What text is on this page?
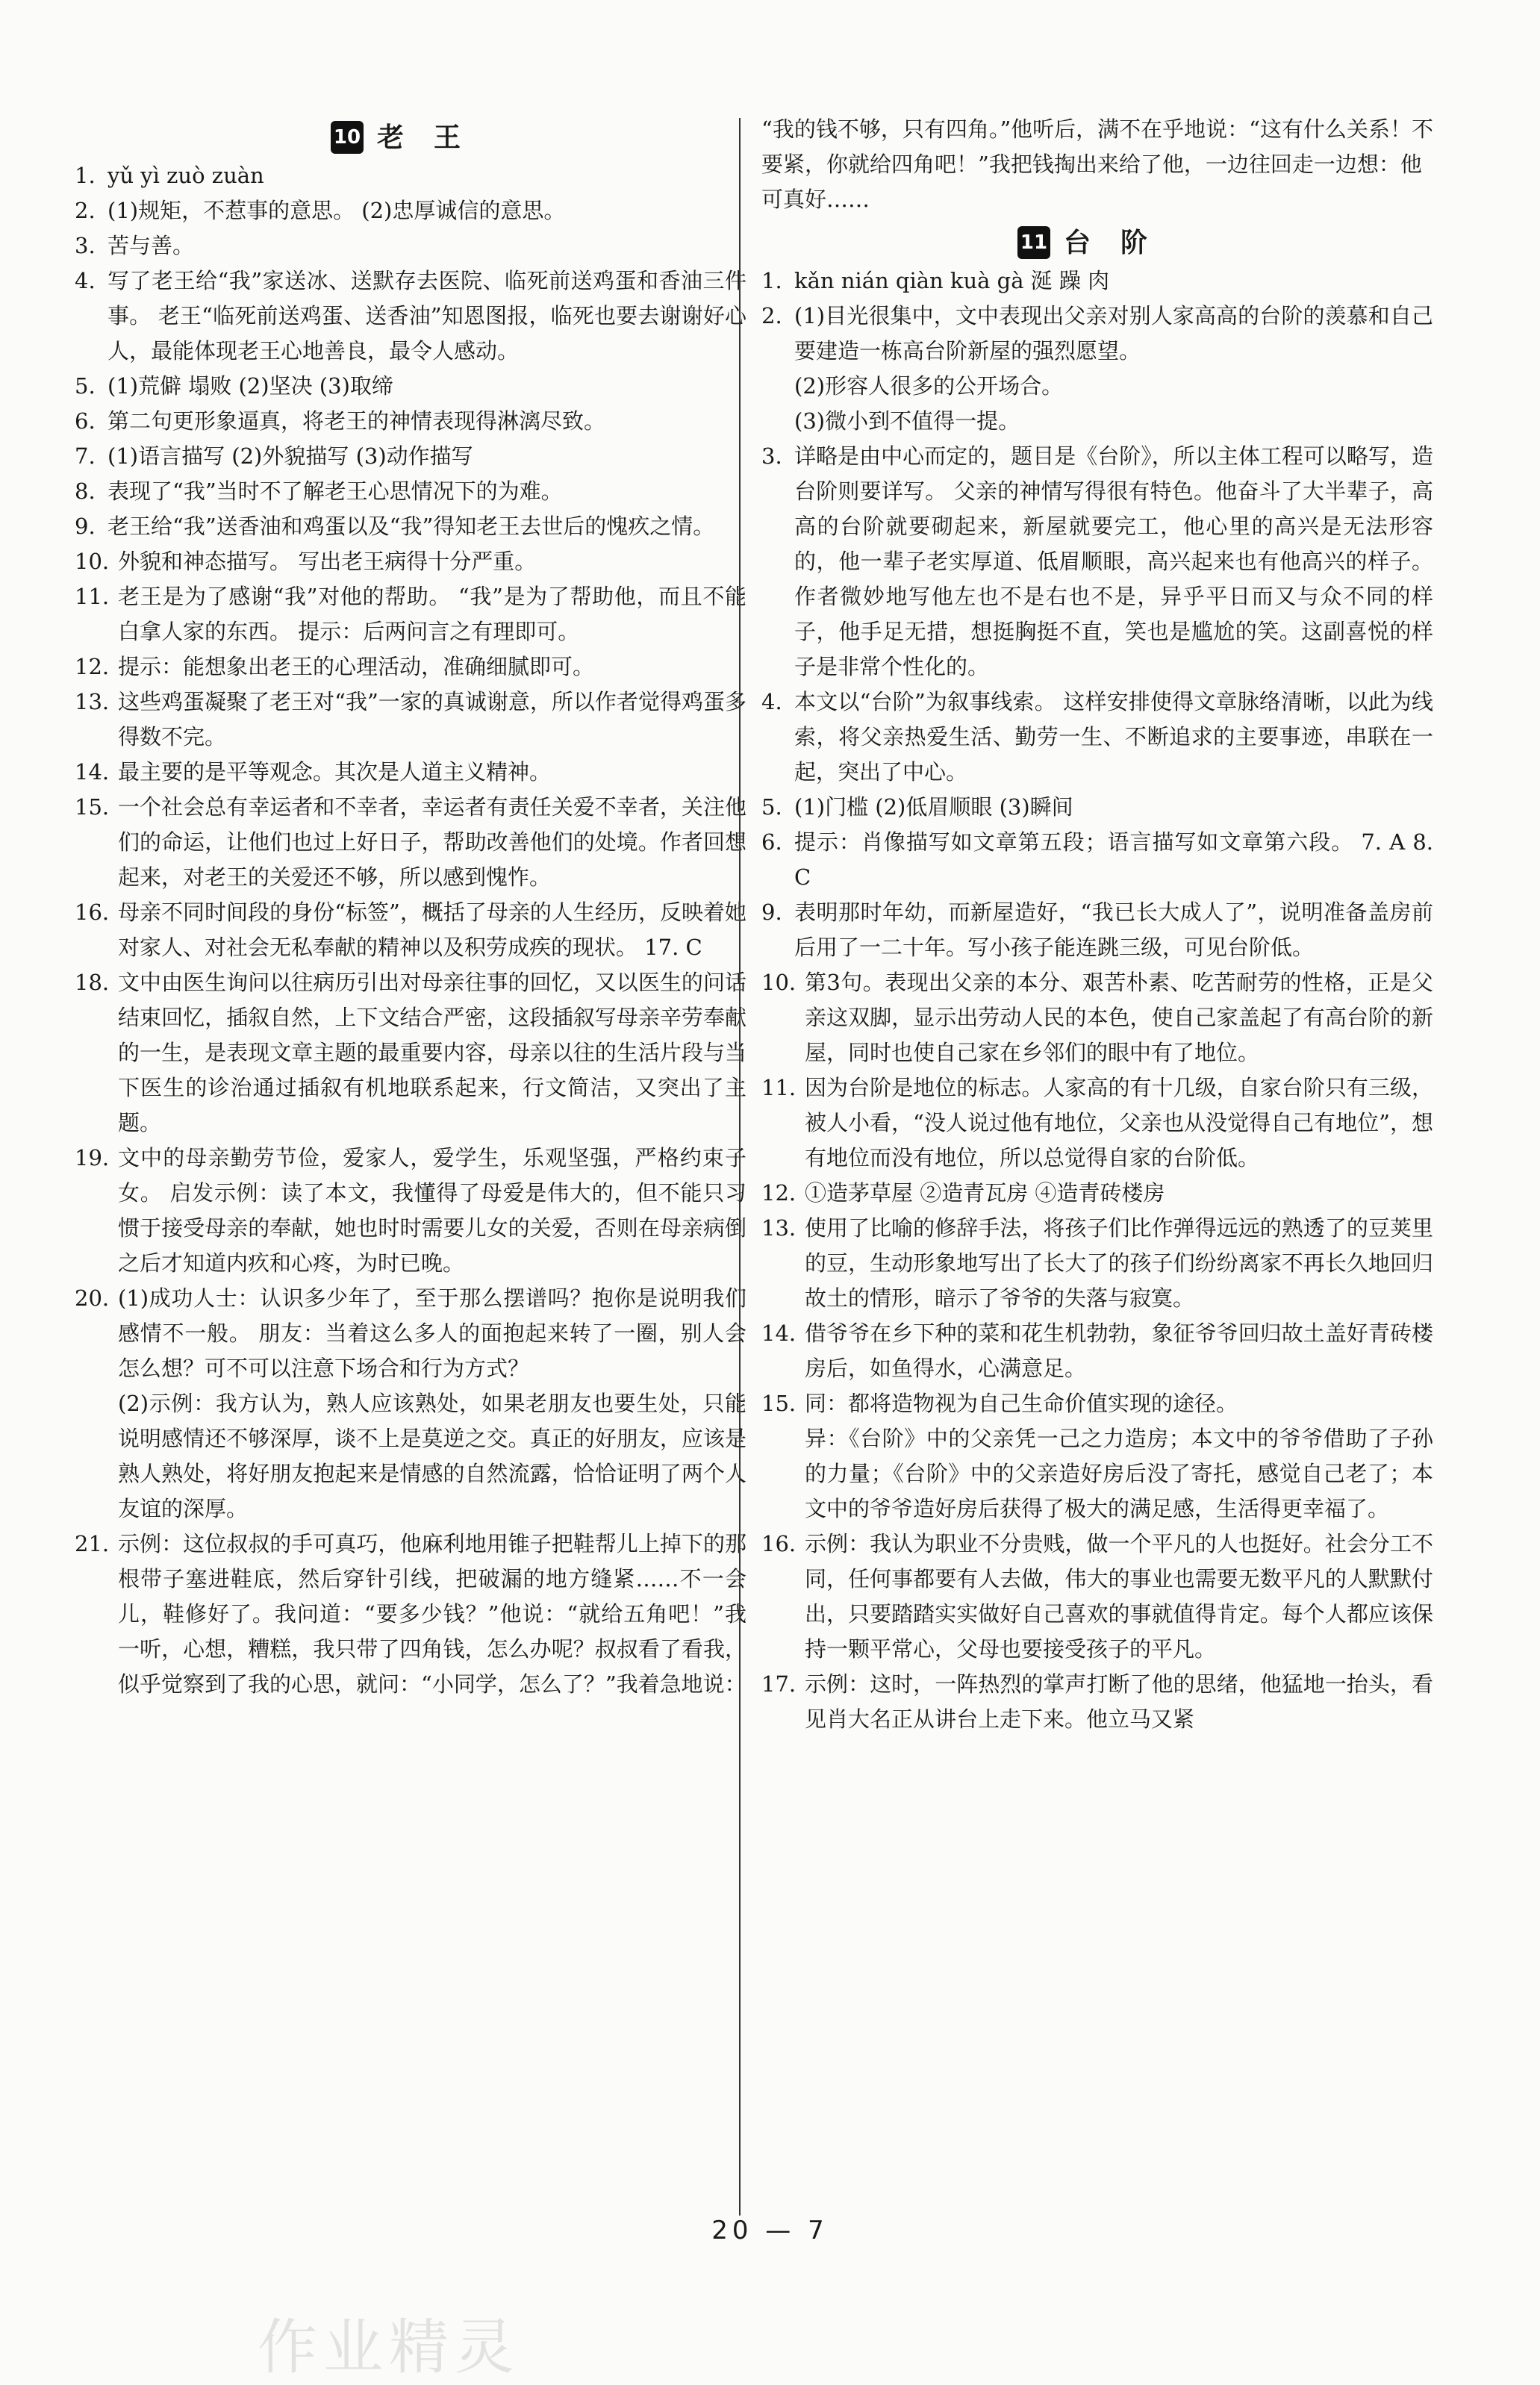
10 老王
1. yǔ yì zuò zuàn
2. (1)规矩，不惹事的意思。 (2)忠厚诚信的意思。
3. 苦与善。
4. 写了老王给“我”家送冰、送默存去医院、临死前送鸡蛋和香油三件事。 老王“临死前送鸡蛋、送香油”知恩图报，临死也要去谢谢好心人，最能体现老王心地善良，最令人感动。
5. (1)荒僻 塌败 (2)坚决 (3)取缔
6. 第二句更形象逼真，将老王的神情表现得淋漓尽致。
7. (1)语言描写 (2)外貌描写 (3)动作描写
8. 表现了“我”当时不了解老王心思情况下的为难。
9. 老王给“我”送香油和鸡蛋以及“我”得知老王去世后的愧疚之情。
10. 外貌和神态描写。 写出老王病得十分严重。
11. 老王是为了感谢“我”对他的帮助。 “我”是为了帮助他，而且不能白拿人家的东西。 提示：后两问言之有理即可。
12. 提示：能想象出老王的心理活动，准确细腻即可。
13. 这些鸡蛋凝聚了老王对“我”一家的真诚谢意，所以作者觉得鸡蛋多得数不完。
14. 最主要的是平等观念。其次是人道主义精神。
15. 一个社会总有幸运者和不幸者，幸运者有责任关爱不幸者，关注他们的命运，让他们也过上好日子，帮助改善他们的处境。作者回想起来，对老王的关爱还不够，所以感到愧怍。
16. 母亲不同时间段的身份“标签”，概括了母亲的人生经历，反映着她对家人、对社会无私奉献的精神以及积劳成疾的现状。 17. C
18. 文中由医生询问以往病历引出对母亲往事的回忆，又以医生的问话结束回忆，插叙自然，上下文结合严密，这段插叙写母亲辛劳奉献的一生，是表现文章主题的最重要内容，母亲以往的生活片段与当下医生的诊治通过插叙有机地联系起来，行文简洁，又突出了主题。
19. 文中的母亲勤劳节俭，爱家人，爱学生，乐观坚强，严格约束子女。 启发示例：读了本文，我懂得了母爱是伟大的，但不能只习惯于接受母亲的奉献，她也时时需要儿女的关爱，否则在母亲病倒之后才知道内疚和心疼，为时已晚。
20. (1)成功人士：认识多少年了，至于那么摆谱吗？抱你是说明我们感情不一般。 朋友：当着这么多人的面抱起来转了一圈，别人会怎么想？可不可以注意下场合和行为方式？
(2)示例：我方认为，熟人应该熟处，如果老朋友也要生处，只能说明感情还不够深厚，谈不上是莫逆之交。真正的好朋友，应该是熟人熟处，将好朋友抱起来是情感的自然流露，恰恰证明了两个人友谊的深厚。
21. 示例：这位叔叔的手可真巧，他麻利地用锥子把鞋帮儿上掉下的那根带子塞进鞋底，然后穿针引线，把破漏的地方缝紧……不一会儿，鞋修好了。我问道：“要多少钱？”他说：“就给五角吧！”我一听，心想，糟糕，我只带了四角钱，怎么办呢？叔叔看了看我，似乎觉察到了我的心思，就问：“小同学，怎么了？”我着急地说：
“我的钱不够，只有四角。”他听后，满不在乎地说：“这有什么关系！不要紧，你就给四角吧！”我把钱掏出来给了他，一边往回走一边想：他可真好……
11 台阶
1. kǎn nián qiàn kuà gà 涎 躁 肉
2. (1)目光很集中，文中表现出父亲对别人家高高的台阶的羡慕和自己要建造一栋高台阶新屋的强烈愿望。
(2)形容人很多的公开场合。
(3)微小到不值得一提。
3. 详略是由中心而定的，题目是《台阶》，所以主体工程可以略写，造台阶则要详写。 父亲的神情写得很有特色。他奋斗了大半辈子，高高的台阶就要砌起来，新屋就要完工，他心里的高兴是无法形容的，他一辈子老实厚道、低眉顺眼，高兴起来也有他高兴的样子。作者微妙地写他左也不是右也不是，异乎平日而又与众不同的样子，他手足无措，想挺胸挺不直，笑也是尴尬的笑。这副喜悦的样子是非常个性化的。
4. 本文以“台阶”为叙事线索。 这样安排使得文章脉络清晰，以此为线索，将父亲热爱生活、勤劳一生、不断追求的主要事迹，串联在一起，突出了中心。
5. (1)门槛 (2)低眉顺眼 (3)瞬间
6. 提示：肖像描写如文章第五段；语言描写如文章第六段。 7. A 8. C
9. 表明那时年幼，而新屋造好，“我已长大成人了”，说明准备盖房前后用了一二十年。写小孩子能连跳三级，可见台阶低。
10. 第3句。表现出父亲的本分、艰苦朴素、吃苦耐劳的性格，正是父亲这双脚，显示出劳动人民的本色，使自己家盖起了有高台阶的新屋，同时也使自己家在乡邻们的眼中有了地位。
11. 因为台阶是地位的标志。人家高的有十几级，自家台阶只有三级，被人小看，“没人说过他有地位，父亲也从没觉得自己有地位”，想有地位而没有地位，所以总觉得自家的台阶低。
12. ①造茅草屋 ②造青瓦房 ④造青砖楼房
13. 使用了比喻的修辞手法，将孩子们比作弹得远远的熟透了的豆荚里的豆，生动形象地写出了长大了的孩子们纷纷离家不再长久地回归故土的情形，暗示了爷爷的失落与寂寞。
14. 借爷爷在乡下种的菜和花生机勃勃，象征爷爷回归故土盖好青砖楼房后，如鱼得水，心满意足。
15. 同：都将造物视为自己生命价值实现的途径。
异：《台阶》中的父亲凭一己之力造房；本文中的爷爷借助了子孙的力量；《台阶》中的父亲造好房后没了寄托，感觉自己老了；本文中的爷爷造好房后获得了极大的满足感，生活得更幸福了。
16. 示例：我认为职业不分贵贱，做一个平凡的人也挺好。社会分工不同，任何事都要有人去做，伟大的事业也需要无数平凡的人默默付出，只要踏踏实实做好自己喜欢的事就值得肯定。每个人都应该保持一颗平常心，父母也要接受孩子的平凡。
17. 示例：这时，一阵热烈的掌声打断了他的思绪，他猛地一抬头，看见肖大名正从讲台上走下来。他立马又紧
20 — 7
作业精灵
